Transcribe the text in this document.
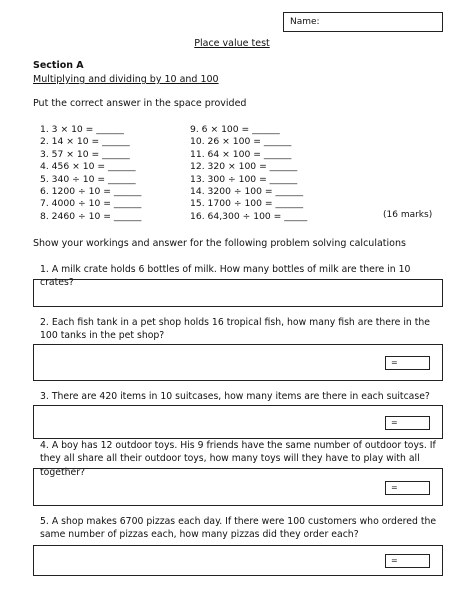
Name:
Place value test
Section A
Multiplying and dividing by 10 and 100
Put the correct answer in the space provided
1. 3 × 10 = ______
2. 14 × 10 = ______
3. 57 × 10 = ______
4. 456 × 10 = ______
5. 340 ÷ 10 = ______
6. 1200 ÷ 10 = ______
7. 4000 ÷ 10 = ______
8. 2460 ÷ 10 = ______
9. 6 × 100 = ______
10. 26 × 100 = ______
11. 64 × 100 = ______
12. 320 × 100 = ______
13. 300 ÷ 100 = ______
14. 3200 ÷ 100 = ______
15. 1700 ÷ 100 = ______
16. 64,300 ÷ 100 = _____	(16 marks)
Show your workings and answer for the following problem solving calculations
1. A milk crate holds 6 bottles of milk. How many bottles of milk are there in 10 crates?
2. Each fish tank in a pet shop holds 16 tropical fish, how many fish are there in the 100 tanks in the pet shop?
=
3. There are 420 items in 10 suitcases, how many items are there in each suitcase?
=
4. A boy has 12 outdoor toys. His 9 friends have the same number of outdoor toys. If they all share all their outdoor toys, how many toys will they have to play with all together?
=
5. A shop makes 6700 pizzas each day. If there were 100 customers who ordered the same number of pizzas each, how many pizzas did they order each?
=
